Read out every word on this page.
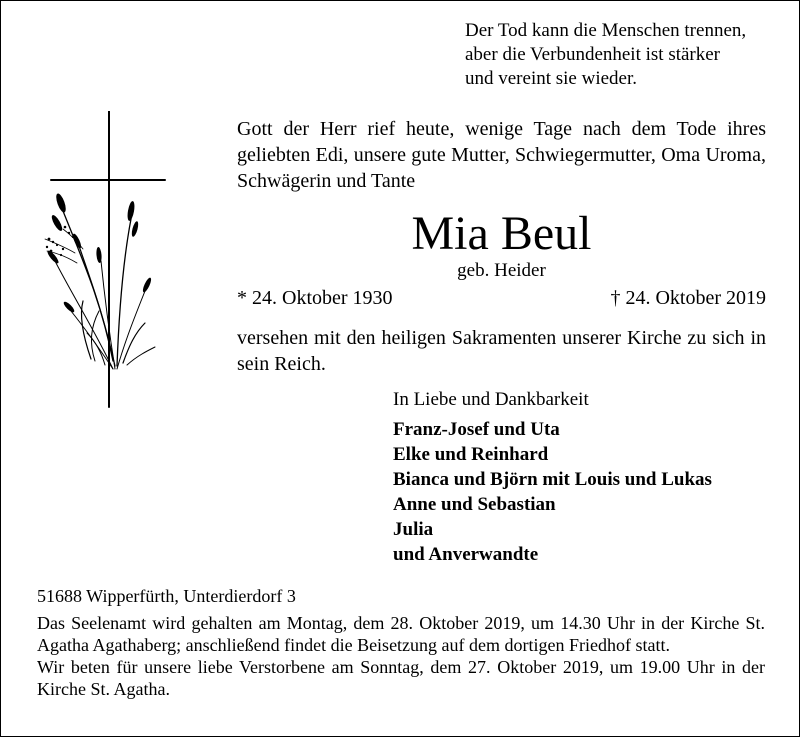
Der Tod kann die Menschen trennen,
aber die Verbundenheit ist stärker
und vereint sie wieder.
Gott der Herr rief heute, wenige Tage nach dem Tode ihres geliebten Edi, unsere gute Mutter, Schwiegermutter, Oma Uroma, Schwägerin und Tante
Mia Beul
geb. Heider
* 24. Oktober 1930	† 24. Oktober 2019
versehen mit den heiligen Sakramenten unserer Kirche zu sich in sein Reich.
In Liebe und Dankbarkeit
Franz-Josef und Uta
Elke und Reinhard
Bianca und Björn mit Louis und Lukas
Anne und Sebastian
Julia
und Anverwandte
51688 Wipperfürth, Unterdierdorf 3

Das Seelenamt wird gehalten am Montag, dem 28. Oktober 2019, um 14.30 Uhr in der Kirche St. Agatha Agathaberg; anschließend findet die Beisetzung auf dem dortigen Friedhof statt.

Wir beten für unsere liebe Verstorbene am Sonntag, dem 27. Oktober 2019, um 19.00 Uhr in der Kirche St. Agatha.
